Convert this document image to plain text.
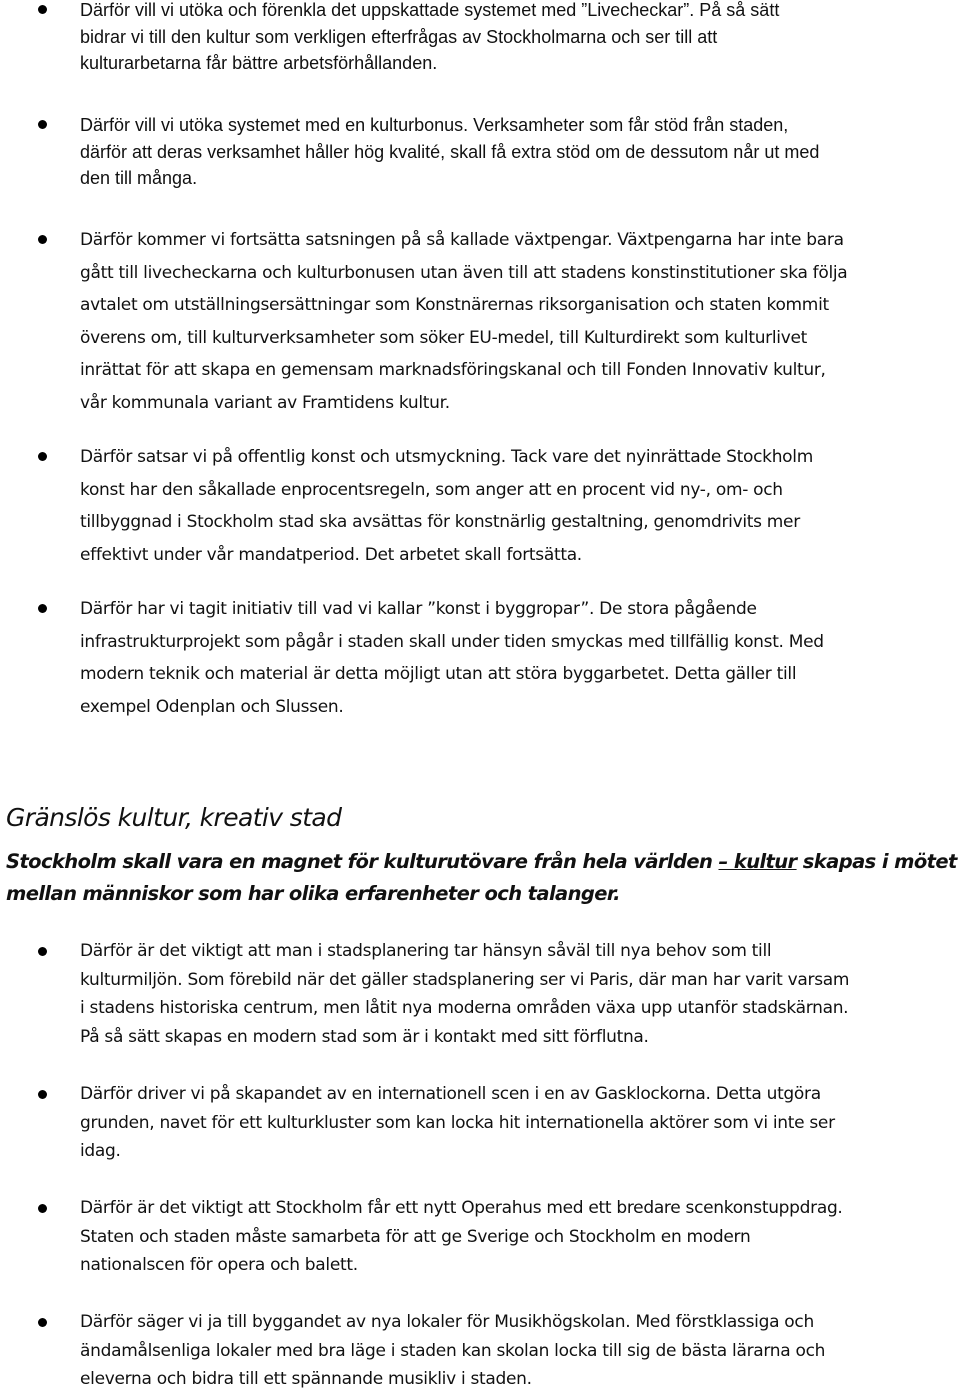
Därför vill vi utöka och förenkla det uppskattade systemet med ”Livecheckar”. På så sätt
bidrar vi till den kultur som verkligen efterfrågas av Stockholmarna och ser till att
kulturarbetarna får bättre arbetsförhållanden.
Därför vill vi utöka systemet med en kulturbonus. Verksamheter som får stöd från staden,
därför att deras verksamhet håller hög kvalité, skall få extra stöd om de dessutom når ut med
den till många.
Därför kommer vi fortsätta satsningen på så kallade växtpengar. Växtpengarna har inte bara
gått till livecheckarna och kulturbonusen utan även till att stadens konstinstitutioner ska följa
avtalet om utställningsersättningar som Konstnärernas riksorganisation och staten kommit
överens om, till kulturverksamheter som söker EU-medel, till Kulturdirekt som kulturlivet
inrättat för att skapa en gemensam marknadsföringskanal och till Fonden Innovativ kultur,
vår kommunala variant av Framtidens kultur.
Därför satsar vi på offentlig konst och utsmyckning. Tack vare det nyinrättade Stockholm
konst har den såkallade enprocentsregeln, som anger att en procent vid ny-, om- och
tillbyggnad i Stockholm stad ska avsättas för konstnärlig gestaltning, genomdrivits mer
effektivt under vår mandatperiod. Det arbetet skall fortsätta.
Därför har vi tagit initiativ till vad vi kallar ”konst i byggropar”. De stora pågående
infrastrukturprojekt som pågår i staden skall under tiden smyckas med tillfällig konst. Med
modern teknik och material är detta möjligt utan att störa byggarbetet. Detta gäller till
exempel Odenplan och Slussen.
Gränslös kultur, kreativ stad
Stockholm skall vara en magnet för kulturutövare från hela världen – kultur skapas i mötet
mellan människor som har olika erfarenheter och talanger.
Därför är det viktigt att man i stadsplanering tar hänsyn såväl till nya behov som till
kulturmiljön. Som förebild när det gäller stadsplanering ser vi Paris, där man har varit varsam
i stadens historiska centrum, men låtit nya moderna områden växa upp utanför stadskärnan.
På så sätt skapas en modern stad som är i kontakt med sitt förflutna.
Därför driver vi på skapandet av en internationell scen i en av Gasklockorna. Detta utgöra
grunden, navet för ett kulturkluster som kan locka hit internationella aktörer som vi inte ser
idag.
Därför är det viktigt att Stockholm får ett nytt Operahus med ett bredare scenkonstuppdrag.
Staten och staden måste samarbeta för att ge Sverige och Stockholm en modern
nationalscen för opera och balett.
Därför säger vi ja till byggandet av nya lokaler för Musikhögskolan. Med förstklassiga och
ändamålsenliga lokaler med bra läge i staden kan skolan locka till sig de bästa lärarna och
eleverna och bidra till ett spännande musikliv i staden.
